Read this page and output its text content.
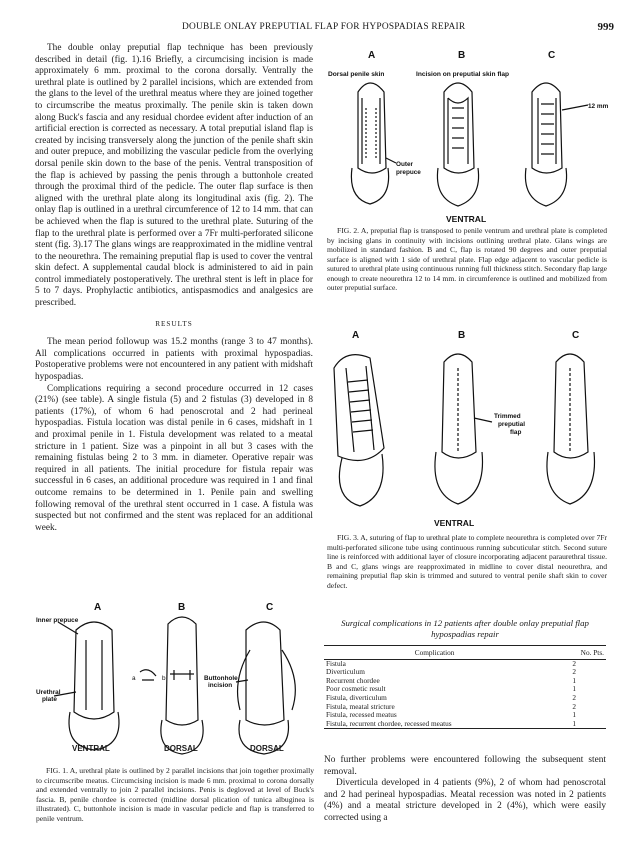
DOUBLE ONLAY PREPUTIAL FLAP FOR HYPOSPADIAS REPAIR	999

The double onlay preputial flap technique has been previously described in detail (fig. 1).16 Briefly, a circumcising incision is made approximately 6 mm. proximal to the corona dorsally. Ventrally the urethral plate is outlined by 2 parallel incisions, which are extended from the glans to the level of the urethral meatus where they are joined together to circumscribe the meatus proximally. The penile skin is taken down along Buck's fascia and any residual chordee evident after induction of an artificial erection is corrected as necessary. A total preputial island flap is created by incising transversely along the junction of the penile shaft skin and outer prepuce, and mobilizing the vascular pedicle from the overlying dorsal penile skin down to the base of the penis. Ventral transposition of the flap is achieved by passing the penis through a buttonhole created through the proximal third of the pedicle. The outer flap surface is then aligned with the urethral plate along its longitudinal axis (fig. 2). The onlay flap is outlined in a urethral circumference of 12 to 14 mm. that can be achieved when the flap is sutured to the urethral plate. Suturing of the flap to the urethral plate is performed over a 7Fr multi-perforated silicone stent (fig. 3).17 The glans wings are reapproximated in the midline ventral to the neourethra. The remaining preputial flap is used to cover the ventral skin defect. A supplemental caudal block is administered to aid in pain control immediately postoperatively. The urethral stent is left in place for 5 to 7 days. Prophylactic antibiotics, antispasmodics and analgesics are prescribed.

RESULTS

The mean period followup was 15.2 months (range 3 to 47 months). All complications occurred in patients with proximal hypospadias. Postoperative problems were not encountered in any patient with midshaft hypospadias.

Complications requiring a second procedure occurred in 12 cases (21%) (see table). A single fistula (5) and 2 fistulas (3) developed in 8 patients (17%), of whom 6 had penoscrotal and 2 had perineal hypospadias. Fistula location was distal penile in 6 cases, midshaft in 1 and proximal penile in 1. Fistula development was related to a meatal stricture in 1 patient. Size was a pinpoint in all but 3 cases with the remaining fistulas being 2 to 3 mm. in diameter. Operative repair was required in all patients. The initial procedure for fistula repair was successful in 6 cases, an additional procedure was required in 1 and final outcome remains to be determined in 1. Penile pain and swelling following removal of the urethral stent occurred in 1 case. A fistula was suspected but not confirmed and the stent was replaced for an additional week.

A	B	C
Dorsal penile skin	Incision on preputial skin flap
12 mm
Outer
prepuce
VENTRAL

FIG. 2. A, preputial flap is transposed to penile ventrum and urethral plate is completed by incising glans in continuity with incisions outlining urethral plate. Glans wings are mobilized in standard fashion. B and C, flap is rotated 90 degrees and outer preputial surface is aligned with 1 side of urethral plate. Flap edge adjacent to vascular pedicle is sutured to urethral plate using continuous running full thickness stitch. Secondary flap large enough to create neourethra 12 to 14 mm. in circumference is outlined and mobilized from outer preputial surface.

A	B	C
Trimmed
preputial
flap
VENTRAL

FIG. 3. A, suturing of flap to urethral plate to complete neourethra is completed over 7Fr multi-perforated silicone tube using continuous running subcuticular stitch. Second suture line is reinforced with additional layer of closure incorporating adjacent paraurethral tissue. B and C, glans wings are reapproximated in midline to cover distal neourethra, and remaining preputial flap skin is trimmed and sutured to ventral penile shaft skin to cover defect.

A	B	C
Inner prepuce
Urethral
plate
Buttonhole
incision
a	b
VENTRAL	DORSAL	DORSAL

FIG. 1. A, urethral plate is outlined by 2 parallel incisions that join together proximally to circumscribe meatus. Circumcising incision is made 6 mm. proximal to corona dorsally and extended ventrally to join 2 parallel incisions. Penis is degloved at level of Buck's fascia. B, penile chordee is corrected (midline dorsal plication of tunica albuginea is illustrated). C, buttonhole incision is made in vascular pedicle and flap is transferred to penile ventrum.

Surgical complications in 12 patients after double onlay preputial flap hypospadias repair
Complication	No. Pts.
Fistula	2
Diverticulum	2
Recurrent chordee	1
Poor cosmetic result	1
Fistula, diverticulum	2
Fistula, meatal stricture	2
Fistula, recessed meatus	1
Fistula, recurrent chordee, recessed meatus	1

No further problems were encountered following the subsequent stent removal.

Diverticula developed in 4 patients (9%), 2 of whom had penoscrotal and 2 had perineal hypospadias. Meatal recession was noted in 2 patients (4%) and a meatal stricture developed in 2 (4%), which were easily corrected using a
